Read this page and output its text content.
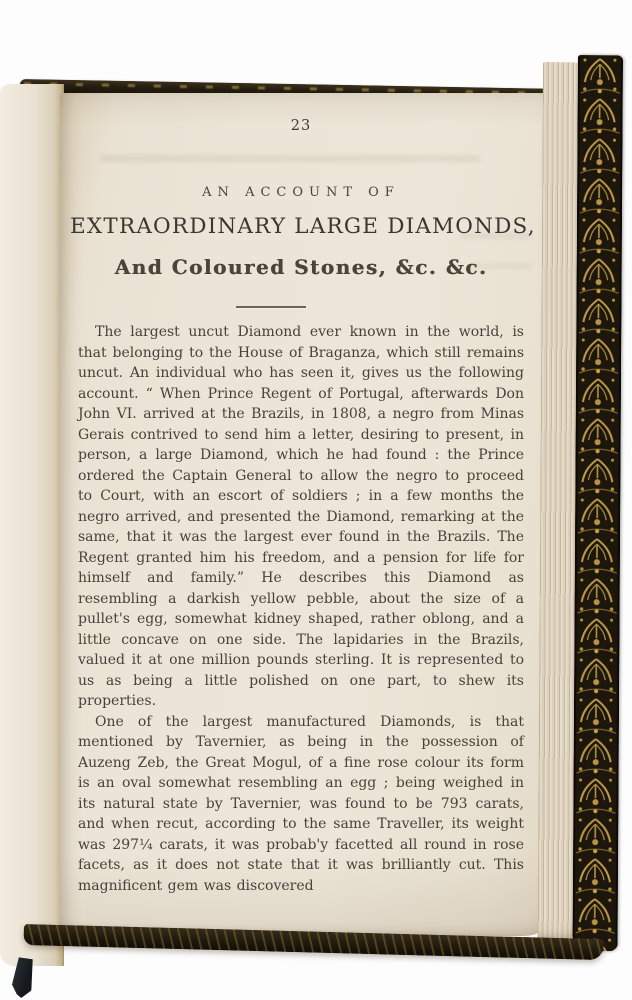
23
AN ACCOUNT OF
EXTRAORDINARY LARGE DIAMONDS,
And Coloured Stones, &c. &c.

The largest uncut Diamond ever known in the world, is that belonging to the House of Braganza, which still remains uncut. An individual who has seen it, gives us the following account. “ When Prince Regent of Portugal, afterwards Don John VI. arrived at the Brazils, in 1808, a negro from Minas Gerais contrived to send him a letter, desiring to present, in person, a large Diamond, which he had found : the Prince ordered the Captain General to allow the negro to proceed to Court, with an escort of soldiers ; in a few months the negro arrived, and presented the Diamond, remarking at the same, that it was the largest ever found in the Brazils. The Regent granted him his freedom, and a pension for life for himself and family.” He describes this Diamond as resembling a darkish yellow pebble, about the size of a pullet's egg, somewhat kidney shaped, rather oblong, and a little concave on one side. The lapidaries in the Brazils, valued it at one million pounds sterling. It is represented to us as being a little polished on one part, to shew its properties.

One of the largest manufactured Diamonds, is that mentioned by Tavernier, as being in the possession of Auzeng Zeb, the Great Mogul, of a fine rose colour its form is an oval somewhat resembling an egg ; being weighed in its natural state by Tavernier, was found to be 793 carats, and when recut, according to the same Traveller, its weight was 297¼ carats, it was probab'y facetted all round in rose facets, as it does not state that it was brilliantly cut. This magnificent gem was discovered
